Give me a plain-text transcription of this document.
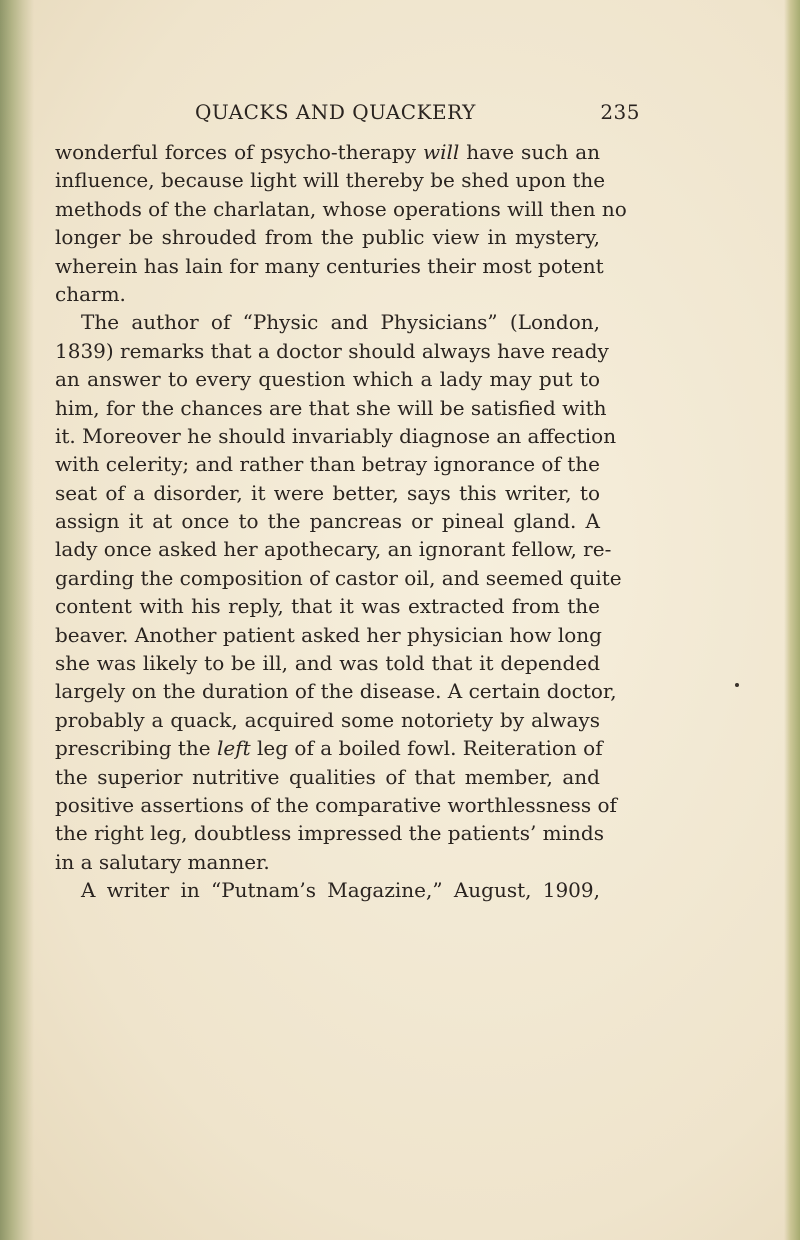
QUACKS AND QUACKERY	235
wonderful forces of psycho-therapy will have such an
influence, because light will thereby be shed upon the
methods of the charlatan, whose operations will then no
longer be shrouded from the public view in mystery,
wherein has lain for many centuries their most potent
charm.
The author of “Physic and Physicians” (London,
1839) remarks that a doctor should always have ready
an answer to every question which a lady may put to
him, for the chances are that she will be satisfied with
it. Moreover he should invariably diagnose an affection
with celerity; and rather than betray ignorance of the
seat of a disorder, it were better, says this writer, to
assign it at once to the pancreas or pineal gland. A
lady once asked her apothecary, an ignorant fellow, re-
garding the composition of castor oil, and seemed quite
content with his reply, that it was extracted from the
beaver. Another patient asked her physician how long
she was likely to be ill, and was told that it depended
largely on the duration of the disease. A certain doctor,
probably a quack, acquired some notoriety by always
prescribing the left leg of a boiled fowl. Reiteration of
the superior nutritive qualities of that member, and
positive assertions of the comparative worthlessness of
the right leg, doubtless impressed the patients’ minds
in a salutary manner.
A writer in “Putnam’s Magazine,” August, 1909,
